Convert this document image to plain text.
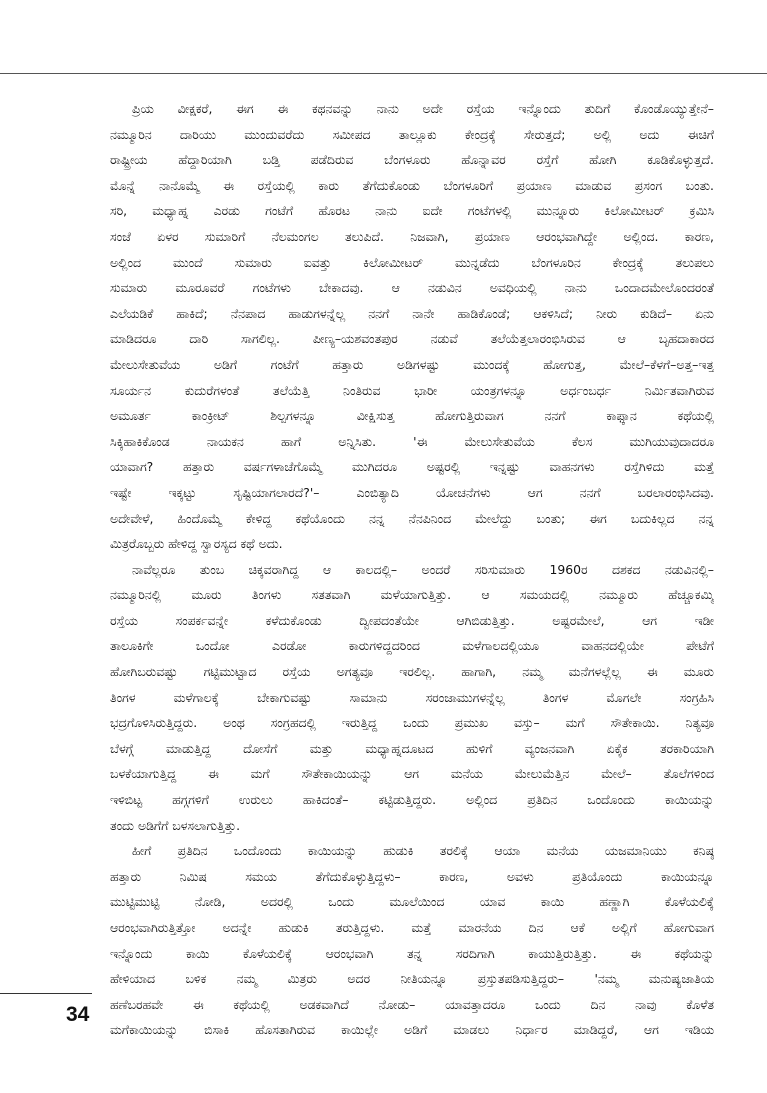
ಪ್ರಿಯ ವೀಕ್ಷಕರೆ, ಈಗ ಈ ಕಥನವನ್ನು ನಾನು ಅದೇ ರಸ್ತೆಯ ಇನ್ನೊಂದು ತುದಿಗೆ ಕೊಂಡೊಯ್ಯುತ್ತೇನೆ–
ನಮ್ಮೂರಿನ ದಾರಿಯು ಮುಂದುವರೆದು ಸಮೀಪದ ತಾಲ್ಲೂಕು ಕೇಂದ್ರಕ್ಕೆ ಸೇರುತ್ತದೆ; ಅಲ್ಲಿ ಅದು ಈಚಿಗೆ
ರಾಷ್ಟ್ರೀಯ ಹೆದ್ದಾರಿಯಾಗಿ ಬಡ್ತಿ ಪಡೆದಿರುವ ಬೆಂಗಳೂರು ಹೊನ್ನಾವರ ರಸ್ತೆಗೆ ಹೋಗಿ ಕೂಡಿಕೊಳ್ಳುತ್ತದೆ.
ಮೊನ್ನೆ ನಾನೊಮ್ಮೆ ಈ ರಸ್ತೆಯಲ್ಲಿ ಕಾರು ತೆಗೆದುಕೊಂಡು ಬೆಂಗಳೂರಿಗೆ ಪ್ರಯಾಣ ಮಾಡುವ ಪ್ರಸಂಗ ಬಂತು.
ಸರಿ, ಮಧ್ಯಾಹ್ನ ಎರಡು ಗಂಟೆಗೆ ಹೊರಟ ನಾನು ಐದೇ ಗಂಟೆಗಳಲ್ಲಿ ಮುನ್ನೂರು ಕಿಲೋಮೀಟರ್ ಕ್ರಮಿಸಿ
ಸಂಜೆ ಏಳರ ಸುಮಾರಿಗೆ ನೆಲಮಂಗಲ ತಲುಪಿದೆ. ನಿಜವಾಗಿ, ಪ್ರಯಾಣ ಆರಂಭವಾಗಿದ್ದೇ ಅಲ್ಲಿಂದ. ಕಾರಣ,
ಅಲ್ಲಿಂದ ಮುಂದೆ ಸುಮಾರು ಐವತ್ತು ಕಿಲೋಮೀಟರ್ ಮುನ್ನಡೆದು ಬೆಂಗಳೂರಿನ ಕೇಂದ್ರಕ್ಕೆ ತಲುಪಲು
ಸುಮಾರು ಮೂರೂವರೆ ಗಂಟೆಗಳು ಬೇಕಾದವು. ಆ ನಡುವಿನ ಅವಧಿಯಲ್ಲಿ ನಾನು ಒಂದಾದಮೇಲೊಂದರಂತೆ
ಎಲೆಯಡಿಕೆ ಹಾಕಿದೆ; ನೆನಪಾದ ಹಾಡುಗಳನ್ನೆಲ್ಲ ನನಗೆ ನಾನೇ ಹಾಡಿಕೊಂಡೆ; ಆಕಳಿಸಿದೆ; ನೀರು ಕುಡಿದೆ– ಏನು
ಮಾಡಿದರೂ ದಾರಿ ಸಾಗಲಿಲ್ಲ. ಪೀಣ್ಯ–ಯಶವಂತಪುರ ನಡುವೆ ತಲೆಯೆತ್ತಲಾರಂಭಿಸಿರುವ ಆ ಬೃಹದಾಕಾರದ
ಮೇಲುಸೇತುವೆಯ ಅಡಿಗೆ ಗಂಟೆಗೆ ಹತ್ತಾರು ಅಡಿಗಳಷ್ಟು ಮುಂದಕ್ಕೆ ಹೋಗುತ್ತ, ಮೇಲೆ–ಕೆಳಗೆ–ಅತ್ತ–ಇತ್ತ
ಸೂರ್ಯನ ಕುದುರೆಗಳಂತೆ ತಲೆಯೆತ್ತಿ ನಿಂತಿರುವ ಭಾರೀ ಯಂತ್ರಗಳನ್ನೂ ಅರ್ಧಂಬರ್ಧ ನಿರ್ಮಿತವಾಗಿರುವ
ಅಮೂರ್ತ ಕಾಂಕ್ರೀಟ್ ಶಿಲ್ಪಗಳನ್ನೂ ವೀಕ್ಷಿಸುತ್ತ ಹೋಗುತ್ತಿರುವಾಗ ನನಗೆ ಕಾಫ್ಕಾನ ಕಥೆಯಲ್ಲಿ
ಸಿಕ್ಕಿಹಾಕಿಕೊಂಡ ನಾಯಕನ ಹಾಗೆ ಅನ್ನಿಸಿತು. 'ಈ ಮೇಲುಸೇತುವೆಯ ಕೆಲಸ ಮುಗಿಯುವುದಾದರೂ
ಯಾವಾಗ? ಹತ್ತಾರು ವರ್ಷಗಳಾಚೆಗೊಮ್ಮೆ ಮುಗಿದರೂ ಅಷ್ಟರಲ್ಲಿ ಇನ್ನಷ್ಟು ವಾಹನಗಳು ರಸ್ತೆಗಿಳಿದು ಮತ್ತೆ
ಇಷ್ಟೇ ಇಕ್ಕಟ್ಟು ಸೃಷ್ಟಿಯಾಗಲಾರದೆ?'– ಎಂಬಿತ್ಯಾದಿ ಯೋಚನೆಗಳು ಆಗ ನನಗೆ ಬರಲಾರಂಭಿಸಿದವು.
ಅದೇವೇಳೆ, ಹಿಂದೊಮ್ಮೆ ಕೇಳಿದ್ದ ಕಥೆಯೊಂದು ನನ್ನ ನೆನಪಿನಿಂದ ಮೇಲೆದ್ದು ಬಂತು; ಈಗ ಬದುಕಿಲ್ಲದ ನನ್ನ
ಮಿತ್ರರೊಬ್ಬರು ಹೇಳಿದ್ದ ಸ್ವಾರಸ್ಯದ ಕಥೆ ಅದು.

ನಾವೆಲ್ಲರೂ ತುಂಬ ಚಿಕ್ಕವರಾಗಿದ್ದ ಆ ಕಾಲದಲ್ಲಿ– ಅಂದರೆ ಸರಿಸುಮಾರು 1960ರ ದಶಕದ ನಡುವಿನಲ್ಲಿ–
ನಮ್ಮೂರಿನಲ್ಲಿ ಮೂರು ತಿಂಗಳು ಸತತವಾಗಿ ಮಳೆಯಾಗುತ್ತಿತ್ತು. ಆ ಸಮಯದಲ್ಲಿ ನಮ್ಮೂರು ಹೆಚ್ಚೂಕಮ್ಮಿ
ರಸ್ತೆಯ ಸಂಪರ್ಕವನ್ನೇ ಕಳೆದುಕೊಂಡು ದ್ವೀಪದಂತೆಯೇ ಆಗಿಬಿಡುತ್ತಿತ್ತು. ಅಷ್ಟರಮೇಲೆ, ಆಗ ಇಡೀ
ತಾಲೂಕಿಗೇ ಒಂದೋ ಎರಡೋ ಕಾರುಗಳಿದ್ದದರಿಂದ ಮಳೆಗಾಲದಲ್ಲಿಯೂ ವಾಹನದಲ್ಲಿಯೇ ಪೇಟೆಗೆ
ಹೋಗಿಬರುವಷ್ಟು ಗಟ್ಟಿಮುಟ್ಟಾದ ರಸ್ತೆಯ ಅಗತ್ಯವೂ ಇರಲಿಲ್ಲ. ಹಾಗಾಗಿ, ನಮ್ಮ ಮನೆಗಳಲ್ಲೆಲ್ಲ ಈ ಮೂರು
ತಿಂಗಳ ಮಳೆಗಾಲಕ್ಕೆ ಬೇಕಾಗುವಷ್ಟು ಸಾಮಾನು ಸರಂಜಾಮುಗಳನ್ನೆಲ್ಲ ತಿಂಗಳ ಮೊಗಲೇ ಸಂಗ್ರಹಿಸಿ
ಭದ್ರಗೊಳಿಸಿರುತ್ತಿದ್ದರು. ಅಂಥ ಸಂಗ್ರಹದಲ್ಲಿ ಇರುತ್ತಿದ್ದ ಒಂದು ಪ್ರಮುಖ ವಸ್ತು– ಮಗೆ ಸೌತೇಕಾಯಿ. ನಿತ್ಯವೂ
ಬೆಳಗ್ಗೆ ಮಾಡುತ್ತಿದ್ದ ದೋಸೆಗೆ ಮತ್ತು ಮಧ್ಯಾಹ್ನದೂಟದ ಹುಳಿಗೆ ವ್ಯಂಜನವಾಗಿ ಏಕೈಕ ತರಕಾರಿಯಾಗಿ
ಬಳಕೆಯಾಗುತ್ತಿದ್ದ ಈ ಮಗೆ ಸೌತೇಕಾಯಿಯನ್ನು ಆಗ ಮನೆಯ ಮೇಲುಮೆತ್ತಿನ ಮೇಲೆ– ತೊಲೆಗಳಿಂದ
ಇಳಿಬಿಟ್ಟ ಹಗ್ಗಗಳಿಗೆ ಉರುಲು ಹಾಕಿದಂತೆ– ಕಟ್ಟಿಡುತ್ತಿದ್ದರು. ಅಲ್ಲಿಂದ ಪ್ರತಿದಿನ ಒಂದೊಂದು ಕಾಯಿಯನ್ನು
ತಂದು ಅಡಿಗೆಗೆ ಬಳಸಲಾಗುತ್ತಿತ್ತು.

ಹೀಗೆ ಪ್ರತಿದಿನ ಒಂದೊಂದು ಕಾಯಿಯನ್ನು ಹುಡುಕಿ ತರಲಿಕ್ಕೆ ಆಯಾ ಮನೆಯ ಯಜಮಾನಿಯು ಕನಿಷ್ಠ
ಹತ್ತಾರು ನಿಮಿಷ ಸಮಯ ತೆಗೆದುಕೊಳ್ಳುತ್ತಿದ್ದಳು– ಕಾರಣ, ಅವಳು ಪ್ರತಿಯೊಂದು ಕಾಯಿಯನ್ನೂ
ಮುಟ್ಟಿಮುಟ್ಟಿ ನೋಡಿ, ಅದರಲ್ಲಿ ಒಂದು ಮೂಲೆಯಿಂದ ಯಾವ ಕಾಯಿ ಹಣ್ಣಾಗಿ ಕೊಳೆಯಲಿಕ್ಕೆ
ಆರಂಭವಾಗಿರುತ್ತಿತ್ತೋ ಅದನ್ನೇ ಹುಡುಕಿ ತರುತ್ತಿದ್ದಳು. ಮತ್ತೆ ಮಾರನೆಯ ದಿನ ಆಕೆ ಅಲ್ಲಿಗೆ ಹೋಗುವಾಗ
ಇನ್ನೊಂದು ಕಾಯಿ ಕೊಳೆಯಲಿಕ್ಕೆ ಆರಂಭವಾಗಿ ತನ್ನ ಸರದಿಗಾಗಿ ಕಾಯುತ್ತಿರುತ್ತಿತ್ತು. ಈ ಕಥೆಯನ್ನು
ಹೇಳಿಯಾದ ಬಳಿಕ ನಮ್ಮ ಮಿತ್ರರು ಅದರ ನೀತಿಯನ್ನೂ ಪ್ರಸ್ತುತಪಡಿಸುತ್ತಿದ್ದರು– 'ನಮ್ಮ ಮನುಷ್ಯಜಾತಿಯ
ಹಣೆಬರಹವೇ ಈ ಕಥೆಯಲ್ಲಿ ಅಡಕವಾಗಿದೆ ನೋಡು– ಯಾವತ್ತಾದರೂ ಒಂದು ದಿನ ನಾವು ಕೊಳೆತ
ಮಗೆಕಾಯಿಯನ್ನು ಬಿಸಾಕಿ ಹೊಸತಾಗಿರುವ ಕಾಯಿಲ್ಲೇ ಅಡಿಗೆ ಮಾಡಲು ನಿರ್ಧಾರ ಮಾಡಿದ್ದರೆ, ಆಗ ಇಡಿಯ

34
